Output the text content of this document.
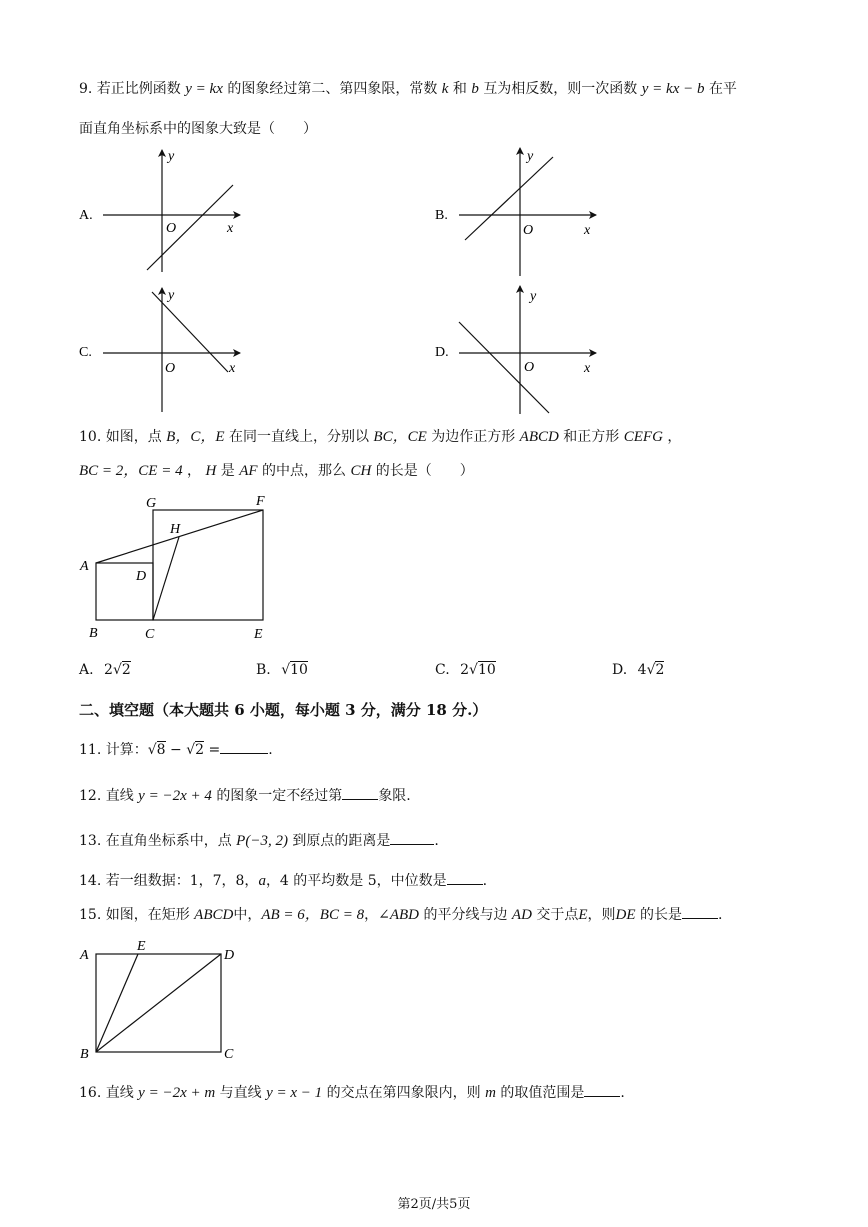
9. 若正比例函数 y = kx 的图象经过第二、第四象限，常数 k 和 b 互为相反数，则一次函数 y = kx − b 在平
面直角坐标系中的图象大致是（　　）
A.
y
x
O
B.
y
x
O
C.
y
x
O
D.
y
x
O
10. 如图，点 B，C，E 在同一直线上，分别以 BC，CE 为边作正方形 ABCD 和正方形 CEFG ，
BC = 2，CE = 4 ， H 是 AF 的中点，那么 CH 的长是（　　）
G	F
H
A
D
B	C	E
A. 2√2	B. √10	C. 2√10	D. 4√2
二、填空题（本大题共 6 小题，每小题 3 分，满分 18 分.）
11. 计算：√8 − √2 =	.
12. 直线 y = −2x + 4 的图象一定不经过第	象限.
13. 在直角坐标系中，点 P(−3, 2) 到原点的距离是	.
14. 若一组数据：1，7，8，a，4 的平均数是 5，中位数是	.
15. 如图，在矩形 ABCD中，AB = 6，BC = 8，∠ABD 的平分线与边 AD 交于点E，则DE 的长是	.
A
E
D
B	C
16. 直线 y = −2x + m 与直线 y = x − 1 的交点在第四象限内，则 m 的取值范围是	.
第2页/共5页
